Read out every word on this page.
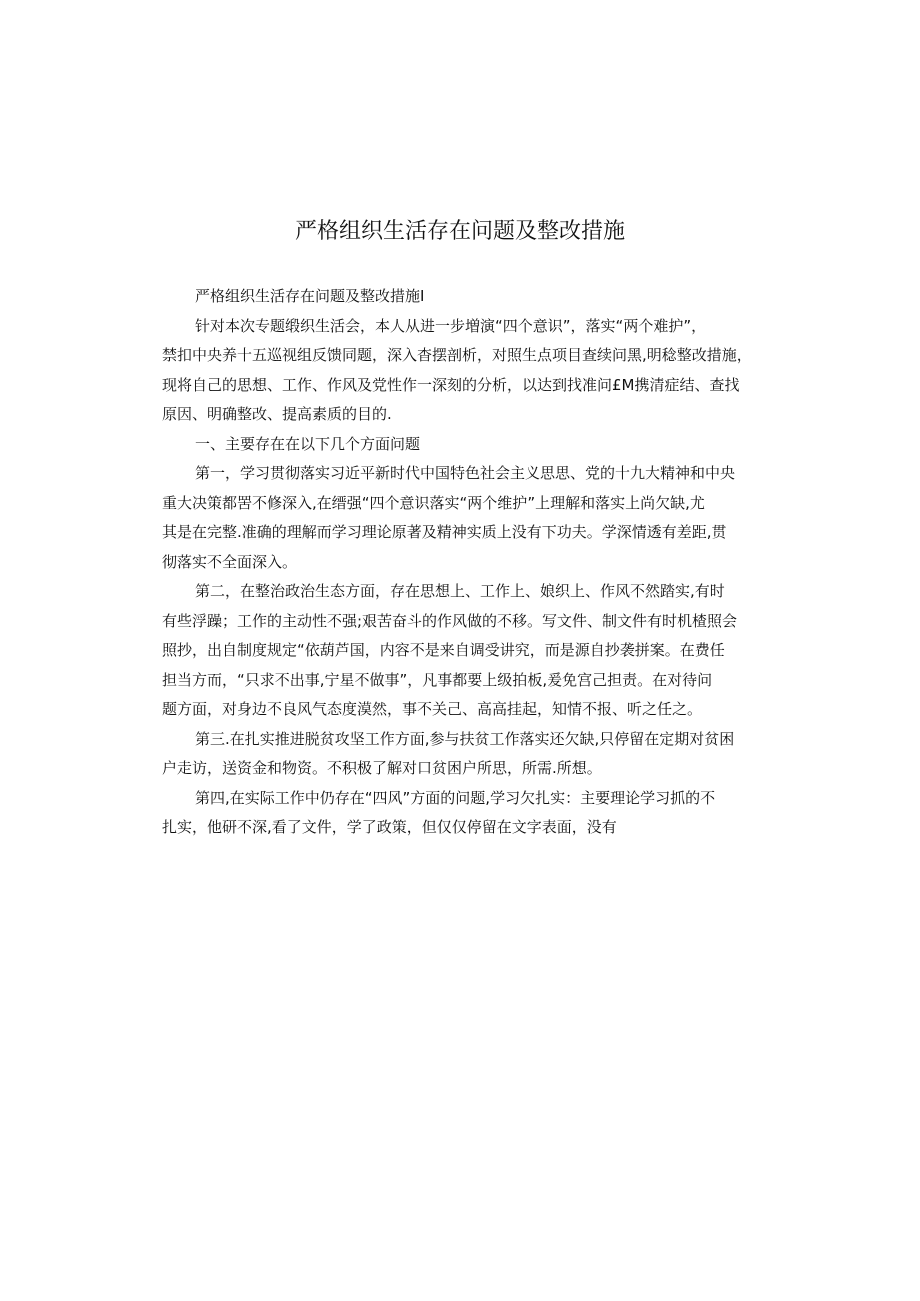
严格组织生活存在问题及整改措施

严格组织生活存在问题及整改措施I

针对本次专题缎织生活会，本人从进一步増演“四个意识”，落实“两个难护”，
禁扣中央养十五巡视组反馈同题，深入杳摆剖析，对照生点项目查续问黑,明稔整改措施，
现将自己的思想、工作、作风及党性作一深刻的分析，以达到找准问£M携清症结、查找
原因、明确整改、提高素质的目的.

一、主要存在在以下几个方面问题

第一，学习贯彻落实习近平新时代中国特色社会主义思思、党的十九大精神和中央
重大决策都罟不修深入,在缙强“四个意识落实“两个维护”上理解和落实上尚欠缺,尤
其是在完整.准确的理解而学习理论原著及精神实质上没有下功夫。学深情透有差距,贯
彻落实不全面深入。

第二，在整治政治生态方面，存在思想上、工作上、娘织上、作风不然踏实,有时
有些浮躁；工作的主动性不强;艰苦奋斗的作风做的不移。写文件、制文件有时机楂照会
照抄，出自制度规定“依葫芦国，内容不是来自调受讲究，而是源自抄袭拼案。在费任
担当方而，“只求不出事,宁星不做事”，凡事都要上级拍板,爰免宫己担责。在对待问
题方面，对身边不良风气态度漠然，事不关己、高高挂起，知情不报、听之任之。

第三.在扎实推进脱贫攻坚工作方面,参与扶贫工作落实还欠缺,只停留在定期对贫困
户走访，送资金和物资。不积极了解对口贫困户所思，所需.所想。

第四,在实际工作中仍存在“四风”方面的问题,学习欠扎实：主要理论学习抓的不
扎实，他研不深,看了文件，学了政策，但仅仅停留在文字表面，没有
